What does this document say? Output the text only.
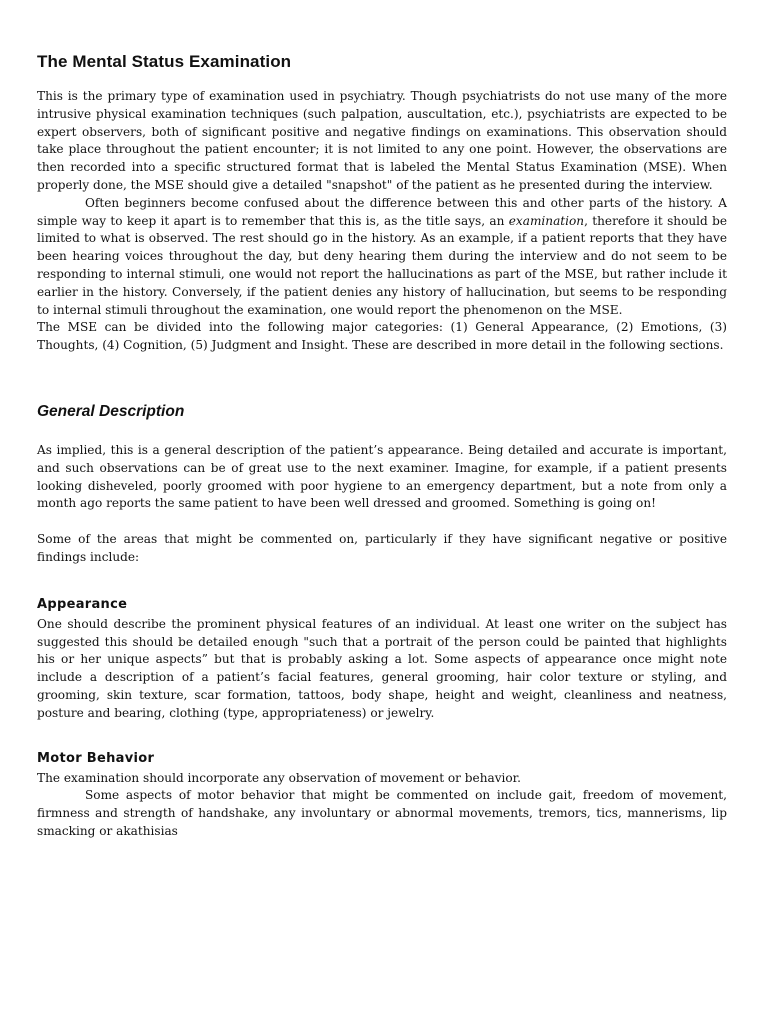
The Mental Status Examination

This is the primary type of examination used in psychiatry. Though psychiatrists do not use many of the more intrusive physical examination techniques (such palpation, auscultation, etc.), psychiatrists are expected to be expert observers, both of significant positive and negative findings on examinations. This observation should take place throughout the patient encounter; it is not limited to any one point. However, the observations are then recorded into a specific structured format that is labeled the Mental Status Examination (MSE). When properly done, the MSE should give a detailed "snapshot" of the patient as he presented during the interview.

Often beginners become confused about the difference between this and other parts of the history. A simple way to keep it apart is to remember that this is, as the title says, an examination, therefore it should be limited to what is observed. The rest should go in the history. As an example, if a patient reports that they have been hearing voices throughout the day, but deny hearing them during the interview and do not seem to be responding to internal stimuli, one would not report the hallucinations as part of the MSE, but rather include it earlier in the history. Conversely, if the patient denies any history of hallucination, but seems to be responding to internal stimuli throughout the examination, one would report the phenomenon on the MSE.

The MSE can be divided into the following major categories: (1) General Appearance, (2) Emotions, (3) Thoughts, (4) Cognition, (5) Judgment and Insight. These are described in more detail in the following sections.

General Description

As implied, this is a general description of the patient’s appearance. Being detailed and accurate is important, and such observations can be of great use to the next examiner. Imagine, for example, if a patient presents looking disheveled, poorly groomed with poor hygiene to an emergency department, but a note from only a month ago reports the same patient to have been well dressed and groomed. Something is going on!

Some of the areas that might be commented on, particularly if they have significant negative or positive findings include:

Appearance

One should describe the prominent physical features of an individual. At least one writer on the subject has suggested this should be detailed enough "such that a portrait of the person could be painted that highlights his or her unique aspects” but that is probably asking a lot. Some aspects of appearance once might note include a description of a patient’s facial features, general grooming, hair color texture or styling, and grooming, skin texture, scar formation, tattoos, body shape, height and weight, cleanliness and neatness, posture and bearing, clothing (type, appropriateness) or jewelry.

Motor Behavior

The examination should incorporate any observation of movement or behavior.

Some aspects of motor behavior that might be commented on include gait, freedom of movement, firmness and strength of handshake, any involuntary or abnormal movements, tremors, tics, mannerisms, lip smacking or akathisias
